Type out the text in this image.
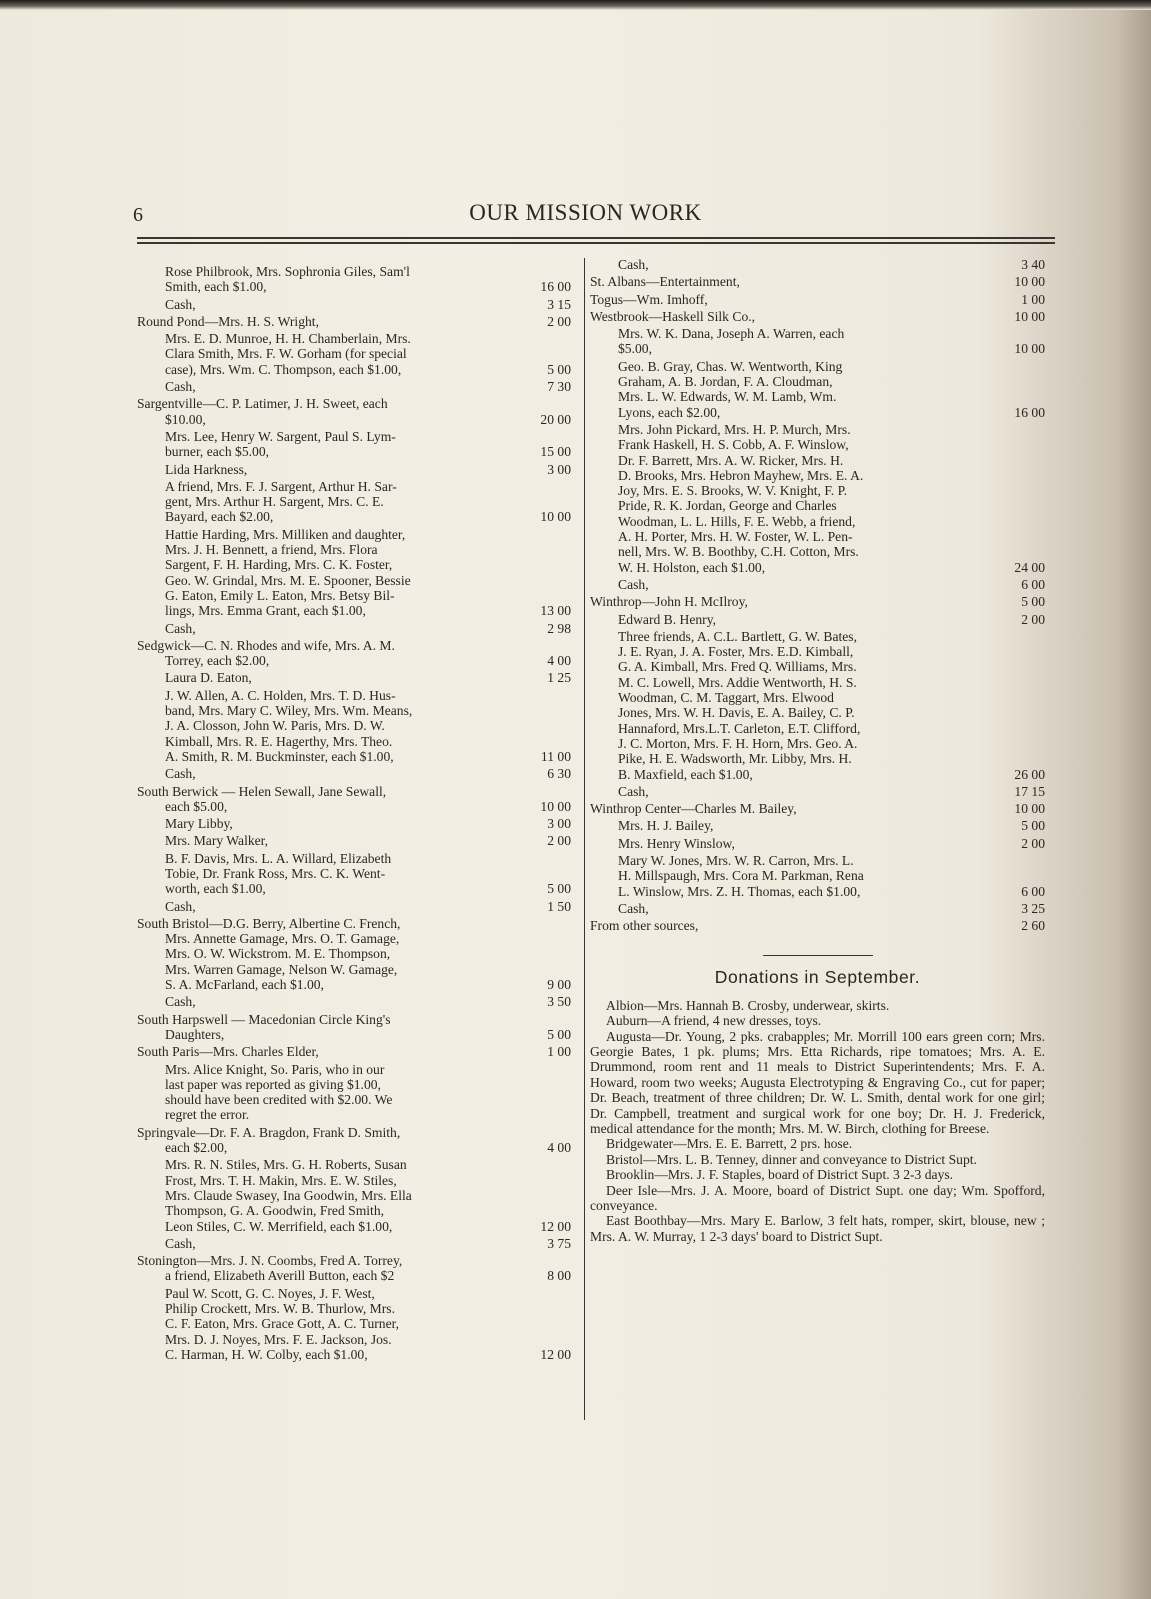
6	OUR MISSION WORK
Rose Philbrook, Mrs. Sophronia Giles, Sam'l
Smith, each $1.00,	16 00
Cash,	3 15
Round Pond—Mrs. H. S. Wright,	2 00
Mrs. E. D. Munroe, H. H. Chamberlain, Mrs.
Clara Smith, Mrs. F. W. Gorham (for special
case), Mrs. Wm. C. Thompson, each $1.00,	5 00
Cash,	7 30
Sargentville—C. P. Latimer, J. H. Sweet, each
$10.00,	20 00
Mrs. Lee, Henry W. Sargent, Paul S. Lym-
burner, each $5.00,	15 00
Lida Harkness,	3 00
A friend, Mrs. F. J. Sargent, Arthur H. Sar-
gent, Mrs. Arthur H. Sargent, Mrs. C. E.
Bayard, each $2.00,	10 00
Hattie Harding, Mrs. Milliken and daughter,
Mrs. J. H. Bennett, a friend, Mrs. Flora
Sargent, F. H. Harding, Mrs. C. K. Foster,
Geo. W. Grindal, Mrs. M. E. Spooner, Bessie
G. Eaton, Emily L. Eaton, Mrs. Betsy Bil-
lings, Mrs. Emma Grant, each $1.00,	13 00
Cash,	2 98
Sedgwick—C. N. Rhodes and wife, Mrs. A. M.
Torrey, each $2.00,	4 00
Laura D. Eaton,	1 25
J. W. Allen, A. C. Holden, Mrs. T. D. Hus-
band, Mrs. Mary C. Wiley, Mrs. Wm. Means,
J. A. Closson, John W. Paris, Mrs. D. W.
Kimball, Mrs. R. E. Hagerthy, Mrs. Theo.
A. Smith, R. M. Buckminster, each $1.00,	11 00
Cash,	6 30
South Berwick — Helen Sewall, Jane Sewall,
each $5.00,	10 00
Mary Libby,	3 00
Mrs. Mary Walker,	2 00
B. F. Davis, Mrs. L. A. Willard, Elizabeth
Tobie, Dr. Frank Ross, Mrs. C. K. Went-
worth, each $1.00,	5 00
Cash,	1 50
South Bristol—D.G. Berry, Albertine C. French,
Mrs. Annette Gamage, Mrs. O. T. Gamage,
Mrs. O. W. Wickstrom. M. E. Thompson,
Mrs. Warren Gamage, Nelson W. Gamage,
S. A. McFarland, each $1.00,	9 00
Cash,	3 50
South Harpswell — Macedonian Circle King's
Daughters,	5 00
South Paris—Mrs. Charles Elder,	1 00
Mrs. Alice Knight, So. Paris, who in our
last paper was reported as giving $1.00,
should have been credited with $2.00. We
regret the error.
Springvale—Dr. F. A. Bragdon, Frank D. Smith,
each $2.00,	4 00
Mrs. R. N. Stiles, Mrs. G. H. Roberts, Susan
Frost, Mrs. T. H. Makin, Mrs. E. W. Stiles,
Mrs. Claude Swasey, Ina Goodwin, Mrs. Ella
Thompson, G. A. Goodwin, Fred Smith,
Leon Stiles, C. W. Merrifield, each $1.00,	12 00
Cash,	3 75
Stonington—Mrs. J. N. Coombs, Fred A. Torrey,
a friend, Elizabeth Averill Button, each $2	8 00
Paul W. Scott, G. C. Noyes, J. F. West,
Philip Crockett, Mrs. W. B. Thurlow, Mrs.
C. F. Eaton, Mrs. Grace Gott, A. C. Turner,
Mrs. D. J. Noyes, Mrs. F. E. Jackson, Jos.
C. Harman, H. W. Colby, each $1.00,	12 00
Cash,	3 40
St. Albans—Entertainment,	10 00
Togus—Wm. Imhoff,	1 00
Westbrook—Haskell Silk Co.,	10 00
Mrs. W. K. Dana, Joseph A. Warren, each
$5.00,	10 00
Geo. B. Gray, Chas. W. Wentworth, King
Graham, A. B. Jordan, F. A. Cloudman,
Mrs. L. W. Edwards, W. M. Lamb, Wm.
Lyons, each $2.00,	16 00
Mrs. John Pickard, Mrs. H. P. Murch, Mrs.
Frank Haskell, H. S. Cobb, A. F. Winslow,
Dr. F. Barrett, Mrs. A. W. Ricker, Mrs. H.
D. Brooks, Mrs. Hebron Mayhew, Mrs. E. A.
Joy, Mrs. E. S. Brooks, W. V. Knight, F. P.
Pride, R. K. Jordan, George and Charles
Woodman, L. L. Hills, F. E. Webb, a friend,
A. H. Porter, Mrs. H. W. Foster, W. L. Pen-
nell, Mrs. W. B. Boothby, C.H. Cotton, Mrs.
W. H. Holston, each $1.00,	24 00
Cash,	6 00
Winthrop—John H. McIlroy,	5 00
Edward B. Henry,	2 00
Three friends, A. C.L. Bartlett, G. W. Bates,
J. E. Ryan, J. A. Foster, Mrs. E.D. Kimball,
G. A. Kimball, Mrs. Fred Q. Williams, Mrs.
M. C. Lowell, Mrs. Addie Wentworth, H. S.
Woodman, C. M. Taggart, Mrs. Elwood
Jones, Mrs. W. H. Davis, E. A. Bailey, C. P.
Hannaford, Mrs.L.T. Carleton, E.T. Clifford,
J. C. Morton, Mrs. F. H. Horn, Mrs. Geo. A.
Pike, H. E. Wadsworth, Mr. Libby, Mrs. H.
B. Maxfield, each $1.00,	26 00
Cash,	17 15
Winthrop Center—Charles M. Bailey,	10 00
Mrs. H. J. Bailey,	5 00
Mrs. Henry Winslow,	2 00
Mary W. Jones, Mrs. W. R. Carron, Mrs. L.
H. Millspaugh, Mrs. Cora M. Parkman, Rena
L. Winslow, Mrs. Z. H. Thomas, each $1.00,	6 00
Cash,	3 25
From other sources,	2 60
Donations in September.

Albion—Mrs. Hannah B. Crosby, underwear, skirts.

Auburn—A friend, 4 new dresses, toys.

Augusta—Dr. Young, 2 pks. crabapples; Mr. Morrill 100 ears green corn; Mrs. Georgie Bates, 1 pk. plums; Mrs. Etta Richards, ripe tomatoes; Mrs. A. E. Drummond, room rent and 11 meals to District Superintendents; Mrs. F. A. Howard, room two weeks; Augusta Electrotyping & Engraving Co., cut for paper; Dr. Beach, treatment of three children; Dr. W. L. Smith, dental work for one girl; Dr. Campbell, treatment and surgical work for one boy; Dr. H. J. Frederick, medical attendance for the month; Mrs. M. W. Birch, clothing for Breese.

Bridgewater—Mrs. E. E. Barrett, 2 prs. hose.

Bristol—Mrs. L. B. Tenney, dinner and conveyance to District Supt.

Brooklin—Mrs. J. F. Staples, board of District Supt. 3 2-3 days.

Deer Isle—Mrs. J. A. Moore, board of District Supt. one day; Wm. Spofford, conveyance.

East Boothbay—Mrs. Mary E. Barlow, 3 felt hats, romper, skirt, blouse, new ; Mrs. A. W. Murray, 1 2-3 days' board to District Supt.
